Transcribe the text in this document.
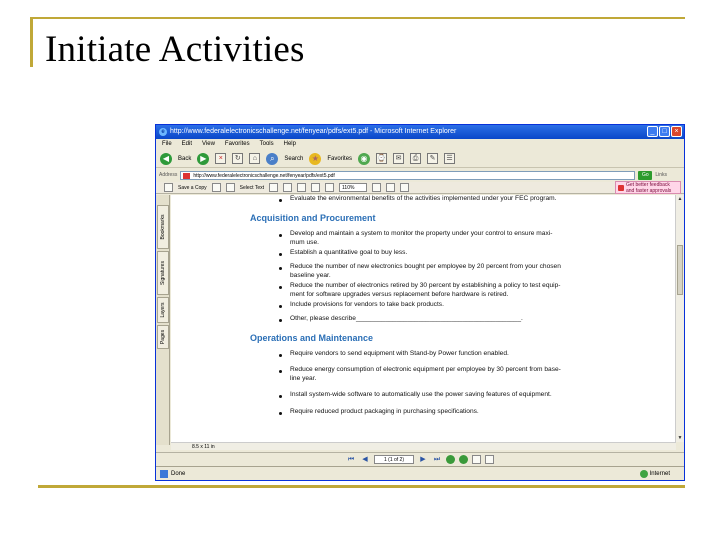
Initiate Activities
e http://www.federalelectronicschallenge.net/fenyear/pdfs/ext5.pdf - Microsoft Internet Explorer	_	□	×
File Edit View Favorites Tools Help
◀	Back	▶	×	↻	⌂	⌕	Search	★	Favorites	◉	⌚	✉	⎙	✎	☰
Address	http://www.federalelectronicschallenge.net/fenyear/pdfs/ext5.pdf	Go	Links
Save a Copy	Select Text	110%	Get better feedback and faster approvals
Bookmarks
Signatures
Layers
Pages
Evaluate the environmental benefits of the activities implemented under your FEC program.
Acquisition and Procurement
Develop and maintain a system to monitor the property under your control to ensure maxi-
mum use.
Establish a quantitative goal to buy less.
Reduce the number of new electronics bought per employee by 20 percent from your chosen
baseline year.
Reduce the number of electronics retired by 30 percent by establishing a policy to test equip-
ment for software upgrades versus replacement before hardware is retired.
Include provisions for vendors to take back products.
Other, please describe_____________________________________________.
Operations and Maintenance
Require vendors to send equipment with Stand-by Power function enabled.
Reduce energy consumption of electronic equipment per employee by 30 percent from base-
line year.
Install system-wide software to automatically use the power saving features of equipment.
Require reduced product packaging in purchasing specifications.
▲
▼
8.5 x 11 in
⏮	◀	1 (1 of 2)	▶	⏭
Done	Internet
